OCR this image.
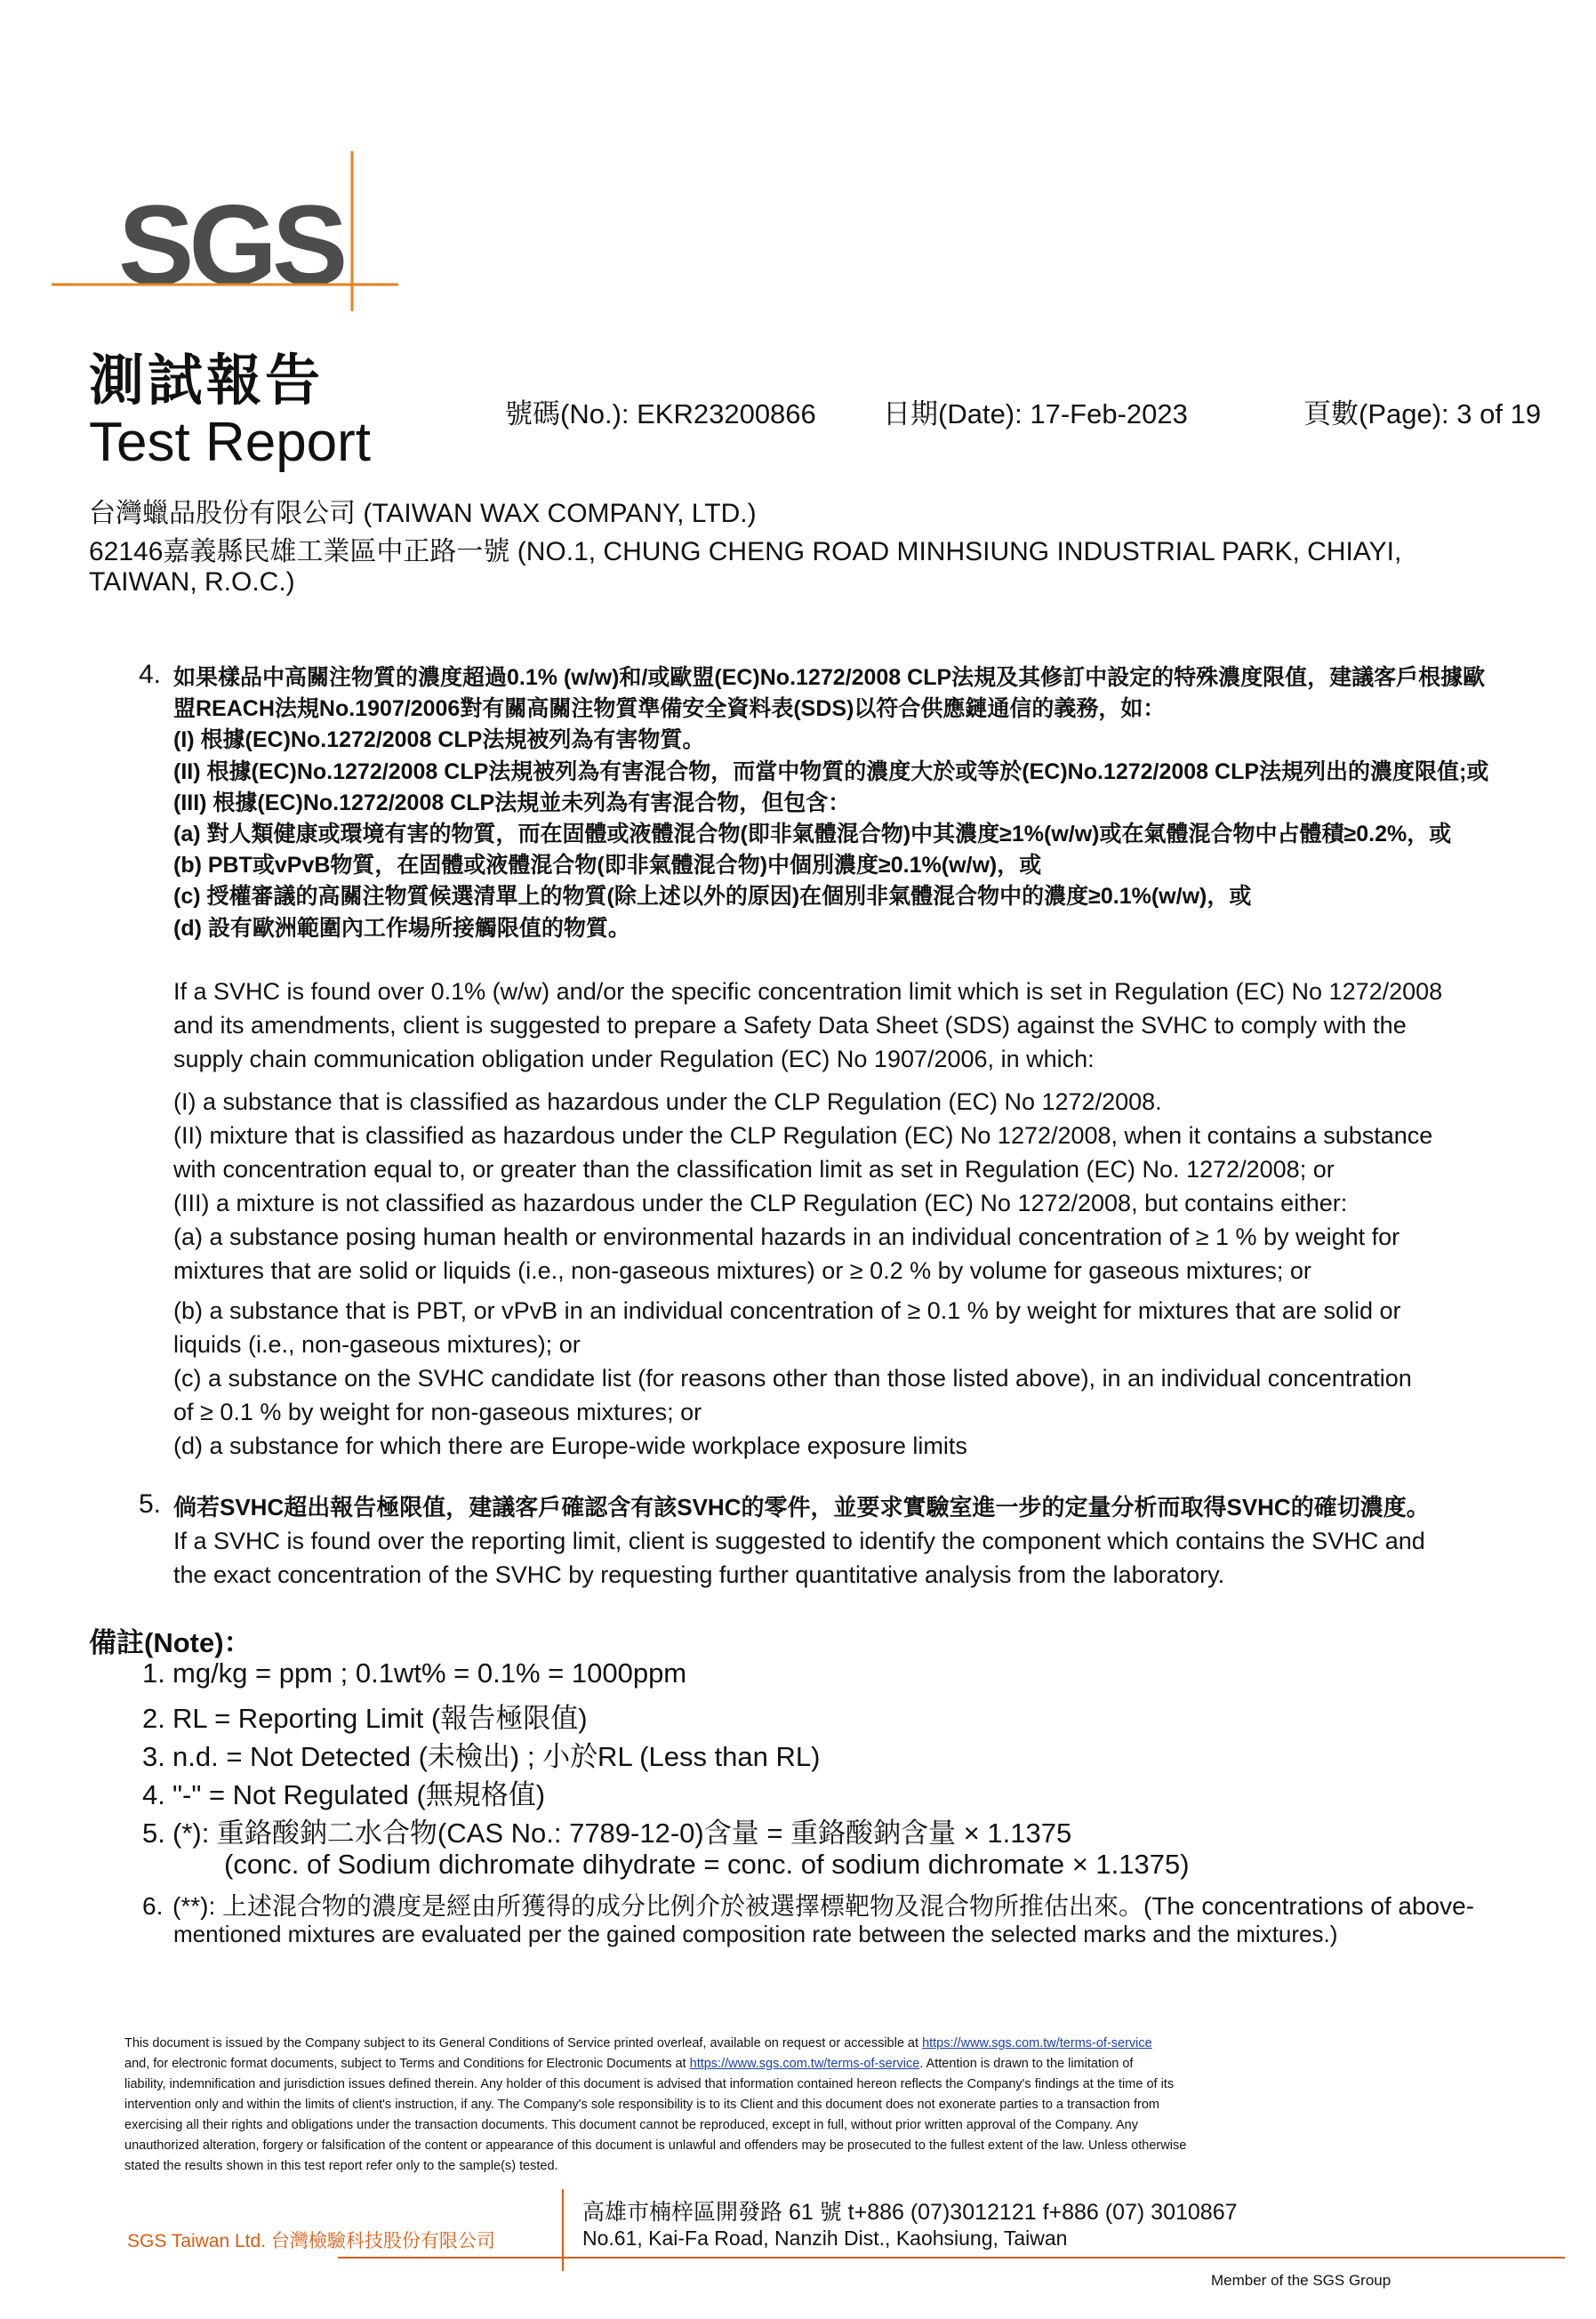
SGS
測試報告
Test Report	號碼(No.): EKR23200866 日期(Date): 17-Feb-2023	頁數(Page): 3 of 19
台灣蠟品股份有限公司 (TAIWAN WAX COMPANY, LTD.)
62146嘉義縣民雄工業區中正路一號 (NO.1, CHUNG CHENG ROAD MINHSIUNG INDUSTRIAL PARK, CHIAYI,
TAIWAN, R.O.C.)
4. 如果樣品中高關注物質的濃度超過0.1% (w/w)和/或歐盟(EC)No.1272/2008 CLP法規及其修訂中設定的特殊濃度限值，建議客戶根據歐
盟REACH法規No.1907/2006對有關高關注物質準備安全資料表(SDS)以符合供應鏈通信的義務，如：
(I) 根據(EC)No.1272/2008 CLP法規被列為有害物質。
(II) 根據(EC)No.1272/2008 CLP法規被列為有害混合物，而當中物質的濃度大於或等於(EC)No.1272/2008 CLP法規列出的濃度限值;或
(III) 根據(EC)No.1272/2008 CLP法規並未列為有害混合物，但包含：
(a) 對人類健康或環境有害的物質，而在固體或液體混合物(即非氣體混合物)中其濃度≥1%(w/w)或在氣體混合物中占體積≥0.2%，或
(b) PBT或vPvB物質，在固體或液體混合物(即非氣體混合物)中個別濃度≥0.1%(w/w)，或
(c) 授權審議的高關注物質候選清單上的物質(除上述以外的原因)在個別非氣體混合物中的濃度≥0.1%(w/w)，或
(d) 設有歐洲範圍內工作場所接觸限值的物質。
If a SVHC is found over 0.1% (w/w) and/or the specific concentration limit which is set in Regulation (EC) No 1272/2008
and its amendments, client is suggested to prepare a Safety Data Sheet (SDS) against the SVHC to comply with the
supply chain communication obligation under Regulation (EC) No 1907/2006, in which:
(I) a substance that is classified as hazardous under the CLP Regulation (EC) No 1272/2008.
(II) mixture that is classified as hazardous under the CLP Regulation (EC) No 1272/2008, when it contains a substance
with concentration equal to, or greater than the classification limit as set in Regulation (EC) No. 1272/2008; or
(III) a mixture is not classified as hazardous under the CLP Regulation (EC) No 1272/2008, but contains either:
(a) a substance posing human health or environmental hazards in an individual concentration of ≥ 1 % by weight for
mixtures that are solid or liquids (i.e., non-gaseous mixtures) or ≥ 0.2 % by volume for gaseous mixtures; or
(b) a substance that is PBT, or vPvB in an individual concentration of ≥ 0.1 % by weight for mixtures that are solid or
liquids (i.e., non-gaseous mixtures); or
(c) a substance on the SVHC candidate list (for reasons other than those listed above), in an individual concentration
of ≥ 0.1 % by weight for non-gaseous mixtures; or
(d) a substance for which there are Europe-wide workplace exposure limits
5. 倘若SVHC超出報告極限值，建議客戶確認含有該SVHC的零件，並要求實驗室進一步的定量分析而取得SVHC的確切濃度。
If a SVHC is found over the reporting limit, client is suggested to identify the component which contains the SVHC and
the exact concentration of the SVHC by requesting further quantitative analysis from the laboratory.
備註(Note)：
1. mg/kg = ppm ; 0.1wt% = 0.1% = 1000ppm
2. RL = Reporting Limit (報告極限值)
3. n.d. = Not Detected (未檢出) ; 小於RL (Less than RL)
4. "-" = Not Regulated (無規格值)
5. (*): 重鉻酸鈉二水合物(CAS No.: 7789-12-0)含量 = 重鉻酸鈉含量 × 1.1375
(conc. of Sodium dichromate dihydrate = conc. of sodium dichromate × 1.1375)
6. (**): 上述混合物的濃度是經由所獲得的成分比例介於被選擇標靶物及混合物所推估出來。(The concentrations of above-
mentioned mixtures are evaluated per the gained composition rate between the selected marks and the mixtures.)
This document is issued by the Company subject to its General Conditions of Service printed overleaf, available on request or accessible at https://www.sgs.com.tw/terms-of-service
and, for electronic format documents, subject to Terms and Conditions for Electronic Documents at https://www.sgs.com.tw/terms-of-service. Attention is drawn to the limitation of
liability, indemnification and jurisdiction issues defined therein. Any holder of this document is advised that information contained hereon reflects the Company's findings at the time of its
intervention only and within the limits of client's instruction, if any. The Company's sole responsibility is to its Client and this document does not exonerate parties to a transaction from
exercising all their rights and obligations under the transaction documents. This document cannot be reproduced, except in full, without prior written approval of the Company. Any
unauthorized alteration, forgery or falsification of the content or appearance of this document is unlawful and offenders may be prosecuted to the fullest extent of the law. Unless otherwise
stated the results shown in this test report refer only to the sample(s) tested.
SGS Taiwan Ltd. 台灣檢驗科技股份有限公司
高雄市楠梓區開發路 61 號 t+886 (07)3012121 f+886 (07) 3010867
No.61, Kai-Fa Road, Nanzih Dist., Kaohsiung, Taiwan
Member of the SGS Group
